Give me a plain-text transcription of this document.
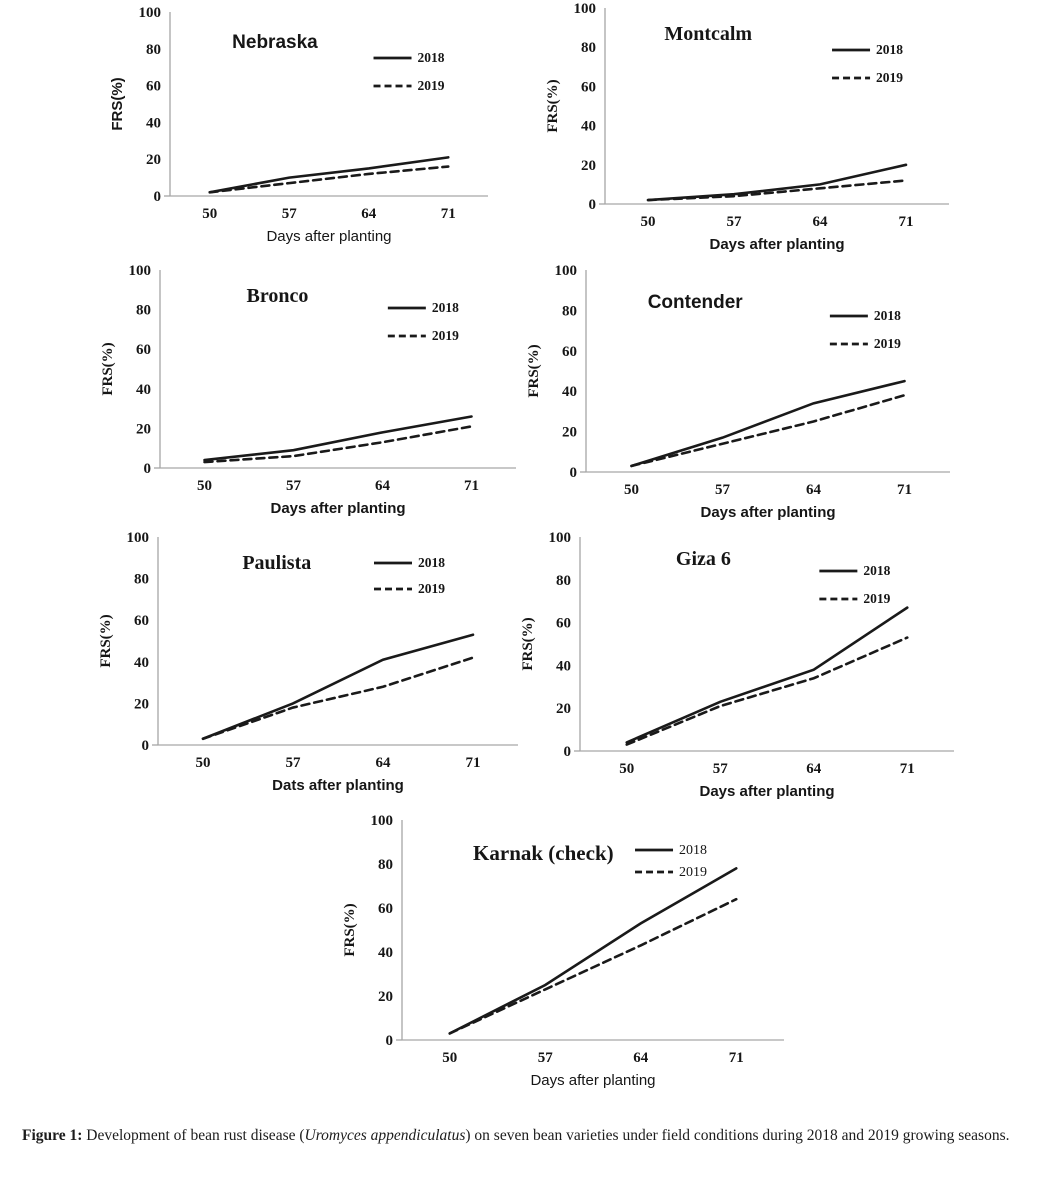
0
20
40
60
80
100
50	57	64	71
Days after planting
FRS(%)
Nebraska
2018
2019
0
20
40
60
80
100
50	57	64	71
Days after planting
FRS(%)
Montcalm
2018
2019
0
20
40
60
80
100
50	57	64	71
Days after planting
FRS(%)
Bronco
2018
2019
0
20
40
60
80
100
50	57	64	71
Days after planting
FRS(%)
Contender
2018
2019
0
20
40
60
80
100
50	57	64	71
Dats after planting
FRS(%)
Paulista	2018
2019
0
20
40
60
80
100
50	57	64	71
Days after planting
FRS(%)
Giza 6
2018
2019
0
20
40
60
80
100
50	57	64	71
Days after planting
FRS(%)
Karnak (check)	2018
2019
Figure 1: Development of bean rust disease (Uromyces appendiculatus) on seven bean varieties under field conditions during 2018 and 2019 growing seasons.
